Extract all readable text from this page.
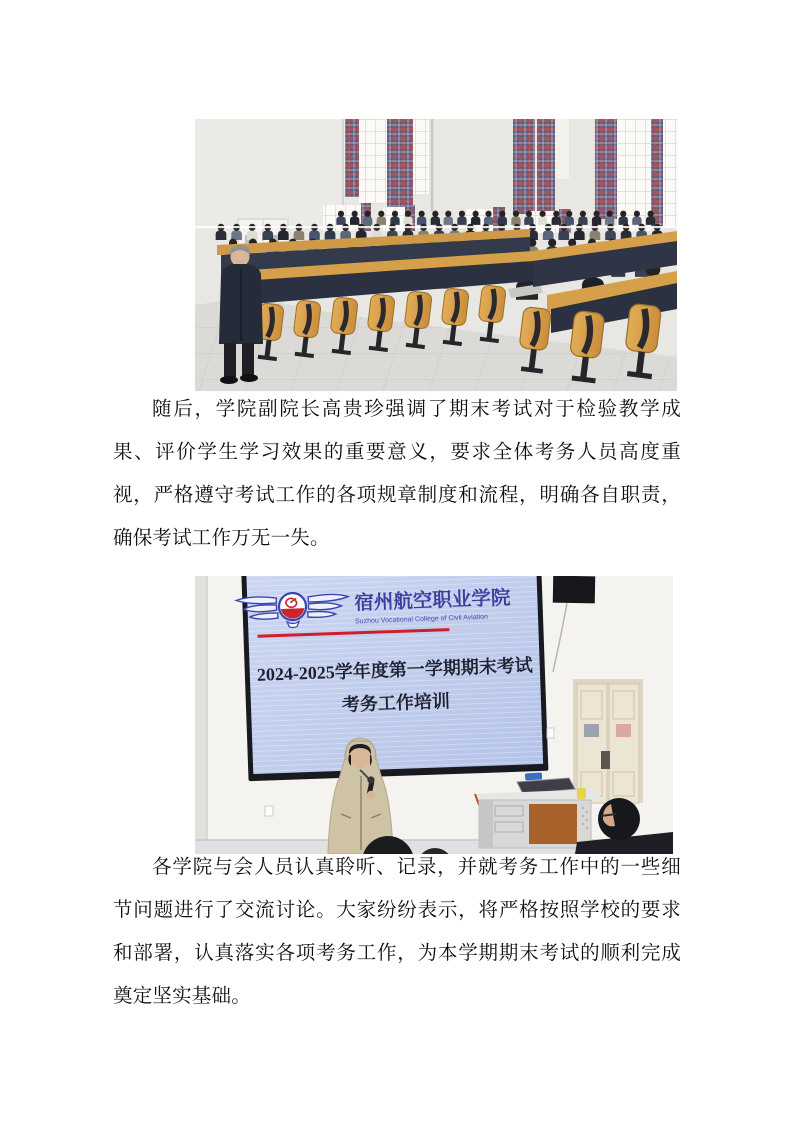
随后，学院副院长高贵珍强调了期末考试对于检验教学成果、评价学生学习效果的重要意义，要求全体考务人员高度重视，严格遵守考试工作的各项规章制度和流程，明确各自职责，确保考试工作万无一失。

宿州航空职业学院
Suzhou Vocational College of Civil Aviation
2024-2025学年度第一学期期末考试
考务工作培训

各学院与会人员认真聆听、记录，并就考务工作中的一些细节问题进行了交流讨论。大家纷纷表示，将严格按照学校的要求和部署，认真落实各项考务工作，为本学期期末考试的顺利完成奠定坚实基础。
